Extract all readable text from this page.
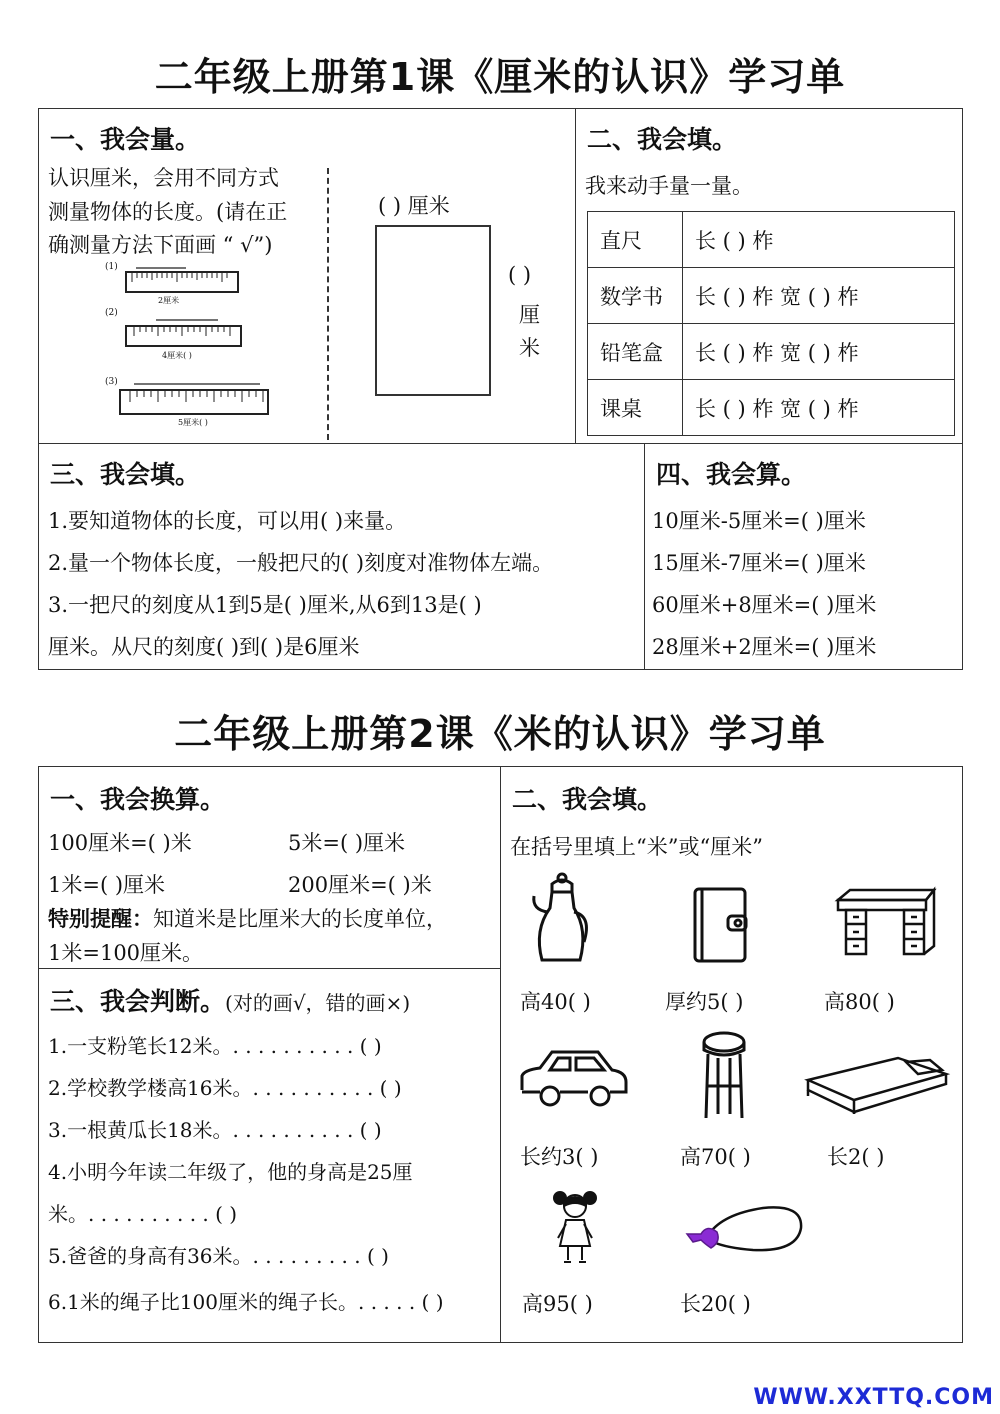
二年级上册第1课《厘米的认识》学习单
一、我会量。
认识厘米，会用不同方式
测量物体的长度。(请在正
确测量方法下面画 “ √”)
(1)
2厘米
(2)
4厘米( )
(3)
5厘米( )
( ) 厘米
( )
厘
米
二、我会填。
我来动手量一量。
直尺	长 ( ) 柞
数学书	长 ( ) 柞 宽 ( ) 柞
铅笔盒	长 ( ) 柞 宽 ( ) 柞
课桌	长 ( ) 柞 宽 ( ) 柞
三、我会填。
1.要知道物体的长度，可以用( )来量。
2.量一个物体长度，一般把尺的( )刻度对准物体左端。
3.一把尺的刻度从1到5是( )厘米,从6到13是( )
厘米。从尺的刻度( )到( )是6厘米
四、我会算。
10厘米-5厘米=( )厘米
15厘米-7厘米=( )厘米
60厘米+8厘米=( )厘米
28厘米+2厘米=( )厘米
二年级上册第2课《米的认识》学习单
一、我会换算。
100厘米=( )米	5米=( )厘米
1米=( )厘米	200厘米=( )米
特别提醒：知道米是比厘米大的长度单位，
1米=100厘米。
三、我会判断。(对的画√，错的画×)
1.一支粉笔长12米。. . . . . . . . . . ( )
2.学校教学楼高16米。. . . . . . . . . . ( )
3.一根黄瓜长18米。. . . . . . . . . . ( )
4.小明今年读二年级了，他的身高是25厘
米。. . . . . . . . . . ( )
5.爸爸的身高有36米。. . . . . . . . . ( )
6.1米的绳子比100厘米的绳子长。. . . . . ( )
二、我会填。
在括号里填上“米”或“厘米”
高40( )	厚约5( )	高80( )
长约3( )	高70( )	长2( )
高95( )	长20( )
WWW.XXTTQ.COM
